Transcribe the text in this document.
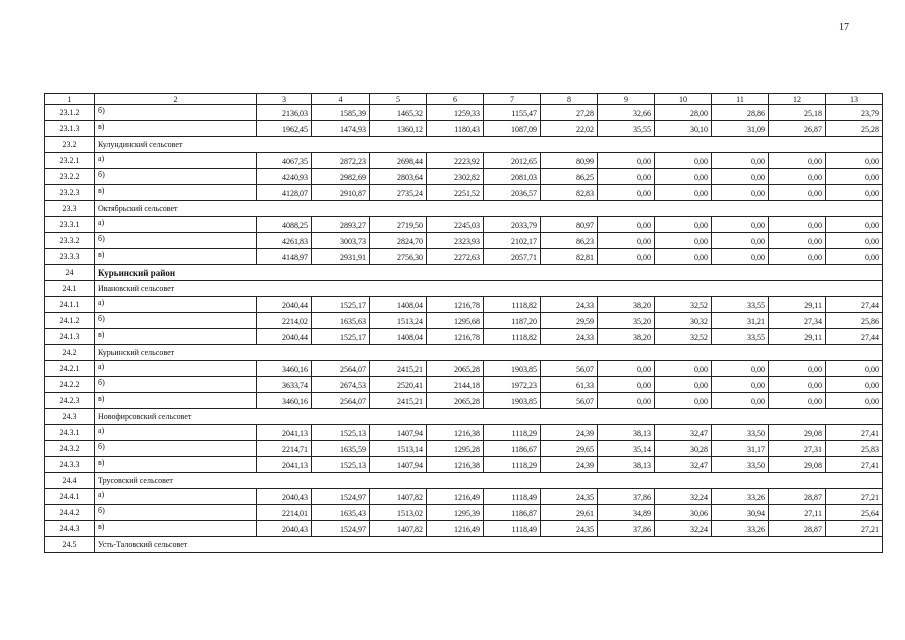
17
1	2	3	4	5	6	7	8	9	10	11	12	13
23.1.2	б)	2136,03	1585,39	1465,32	1259,33	1155,47	27,28	32,66	28,00	28,86	25,18	23,79
23.1.3	в)	1962,45	1474,93	1360,12	1180,43	1087,09	22,02	35,55	30,10	31,09	26,87	25,28
23.2	Кулундинский сельсовет											
23.2.1	а)	4067,35	2872,23	2698,44	2223,92	2012,65	80,99	0,00	0,00	0,00	0,00	0,00
23.2.2	б)	4240,93	2982,69	2803,64	2302,82	2081,03	86,25	0,00	0,00	0,00	0,00	0,00
23.2.3	в)	4128,07	2910,87	2735,24	2251,52	2036,57	82,83	0,00	0,00	0,00	0,00	0,00
23.3	Октябрьский сельсовет											
23.3.1	а)	4088,25	2893,27	2719,50	2245,03	2033,79	80,97	0,00	0,00	0,00	0,00	0,00
23.3.2	б)	4261,83	3003,73	2824,70	2323,93	2102,17	86,23	0,00	0,00	0,00	0,00	0,00
23.3.3	в)	4148,97	2931,91	2756,30	2272,63	2057,71	82,81	0,00	0,00	0,00	0,00	0,00
24	Курьинский район											
24.1	Ивановский сельсовет											
24.1.1	а)	2040,44	1525,17	1408,04	1216,78	1118,82	24,33	38,20	32,52	33,55	29,11	27,44
24.1.2	б)	2214,02	1635,63	1513,24	1295,68	1187,20	29,59	35,20	30,32	31,21	27,34	25,86
24.1.3	в)	2040,44	1525,17	1408,04	1216,78	1118,82	24,33	38,20	32,52	33,55	29,11	27,44
24.2	Курьинский сельсовет											
24.2.1	а)	3460,16	2564,07	2415,21	2065,28	1903,85	56,07	0,00	0,00	0,00	0,00	0,00
24.2.2	б)	3633,74	2674,53	2520,41	2144,18	1972,23	61,33	0,00	0,00	0,00	0,00	0,00
24.2.3	в)	3460,16	2564,07	2415,21	2065,28	1903,85	56,07	0,00	0,00	0,00	0,00	0,00
24.3	Новофирсовский сельсовет											
24.3.1	а)	2041,13	1525,13	1407,94	1216,38	1118,29	24,39	38,13	32,47	33,50	29,08	27,41
24.3.2	б)	2214,71	1635,59	1513,14	1295,28	1186,67	29,65	35,14	30,28	31,17	27,31	25,83
24.3.3	в)	2041,13	1525,13	1407,94	1216,38	1118,29	24,39	38,13	32,47	33,50	29,08	27,41
24.4	Трусовский сельсовет											
24.4.1	а)	2040,43	1524,97	1407,82	1216,49	1118,49	24,35	37,86	32,24	33,26	28,87	27,21
24.4.2	б)	2214,01	1635,43	1513,02	1295,39	1186,87	29,61	34,89	30,06	30,94	27,11	25,64
24.4.3	в)	2040,43	1524,97	1407,82	1216,49	1118,49	24,35	37,86	32,24	33,26	28,87	27,21
24.5	Усть-Таловский сельсовет											
